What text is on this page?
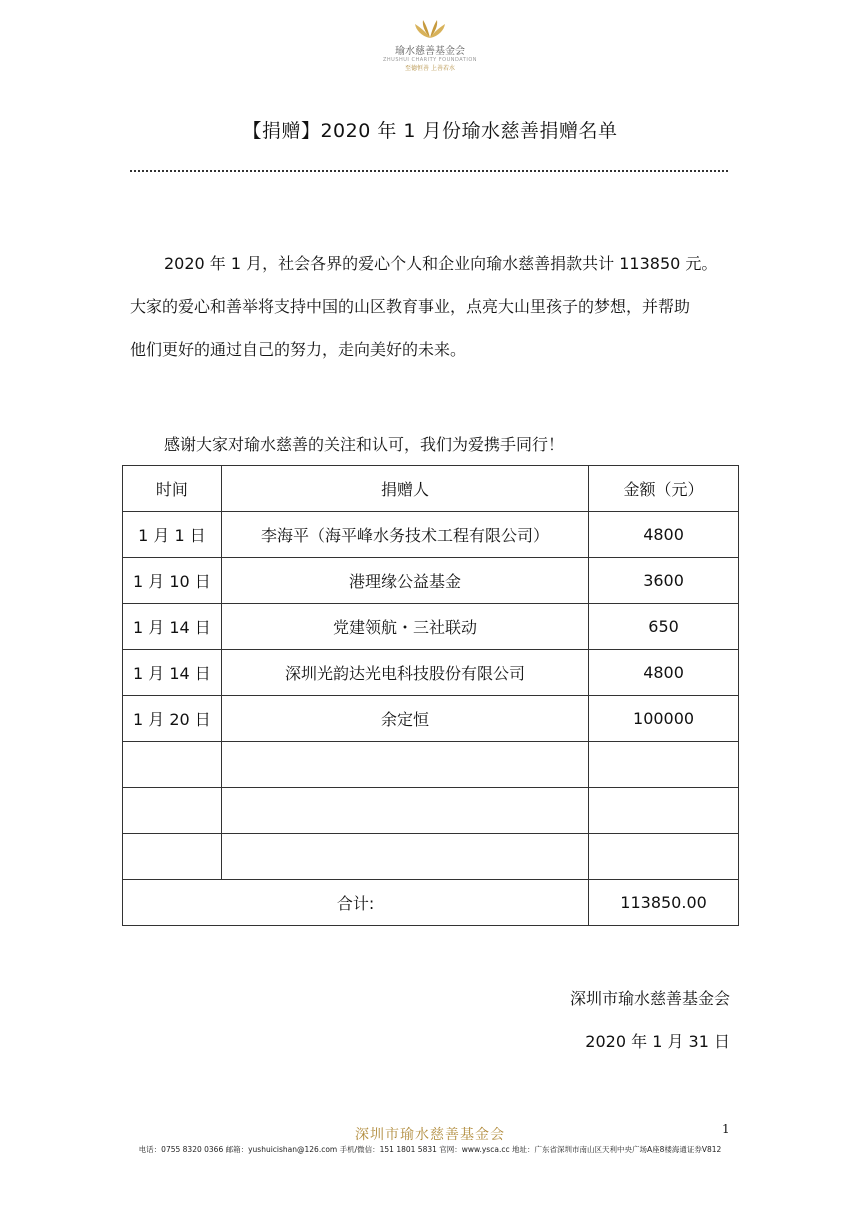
瑜水慈善基金会
ZHUSHUI CHARITY FOUNDATION
至德恒善 上善若水
【捐赠】2020 年 1 月份瑜水慈善捐赠名单
2020 年 1 月，社会各界的爱心个人和企业向瑜水慈善捐款共计 113850 元。
大家的爱心和善举将支持中国的山区教育事业，点亮大山里孩子的梦想，并帮助
他们更好的通过自己的努力，走向美好的未来。
感谢大家对瑜水慈善的关注和认可，我们为爱携手同行！
时间	捐赠人	金额（元）
1 月 1 日	李海平（海平峰水务技术工程有限公司）	4800
1 月 10 日	港理缘公益基金	3600
1 月 14 日	党建领航・三社联动	650
1 月 14 日	深圳光韵达光电科技股份有限公司	4800
1 月 20 日	余定恒	100000

合计:		113850.00
深圳市瑜水慈善基金会
2020 年 1 月 31 日
1
深圳市瑜水慈善基金会
电话：0755 8320 0366 邮箱：yushuicishan@126.com 手机/微信：151 1801 5831 官网：www.ysca.cc 地址：广东省深圳市南山区天利中央广场A座8楼海通证券V812
